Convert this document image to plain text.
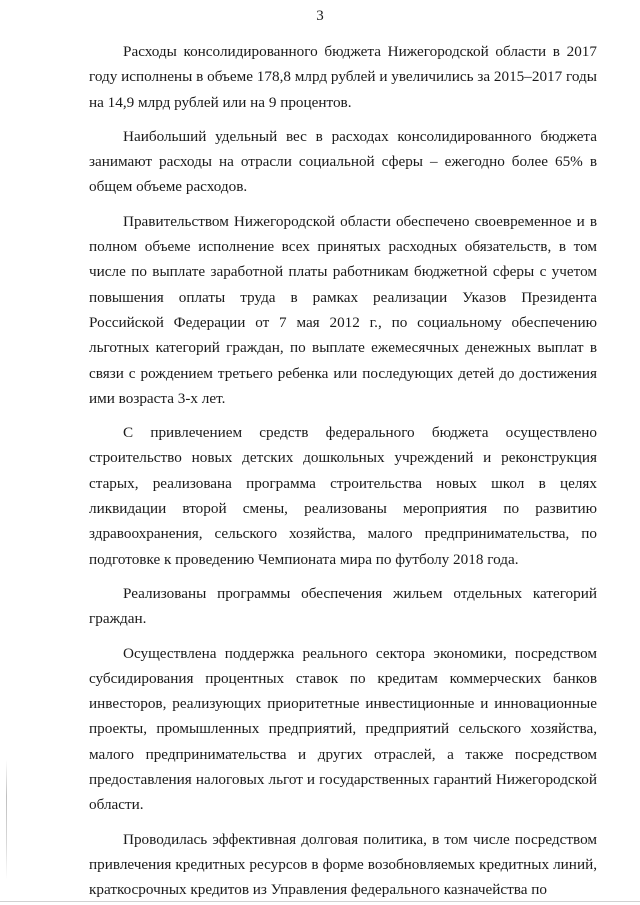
3

Расходы консолидированного бюджета Нижегородской области в 2017 году исполнены в объеме 178,8 млрд рублей и увеличились за 2015–2017 годы на 14,9 млрд рублей или на 9 процентов.

Наибольший удельный вес в расходах консолидированного бюджета занимают расходы на отрасли социальной сферы – ежегодно более 65% в общем объеме расходов.

Правительством Нижегородской области обеспечено своевременное и в полном объеме исполнение всех принятых расходных обязательств, в том числе по выплате заработной платы работникам бюджетной сферы с учетом повышения оплаты труда в рамках реализации Указов Президента Российской Федерации от 7 мая 2012 г., по социальному обеспечению льготных категорий граждан, по выплате ежемесячных денежных выплат в связи с рождением третьего ребенка или последующих детей до достижения ими возраста 3-х лет.

С привлечением средств федерального бюджета осуществлено строительство новых детских дошкольных учреждений и реконструкция старых, реализована программа строительства новых школ в целях ликвидации второй смены, реализованы мероприятия по развитию здравоохранения, сельского хозяйства, малого предпринимательства, по подготовке к проведению Чемпионата мира по футболу 2018 года.

Реализованы программы обеспечения жильем отдельных категорий граждан.

Осуществлена поддержка реального сектора экономики, посредством субсидирования процентных ставок по кредитам коммерческих банков инвесторов, реализующих приоритетные инвестиционные и инновационные проекты, промышленных предприятий, предприятий сельского хозяйства, малого предпринимательства и других отраслей, а также посредством предоставления налоговых льгот и государственных гарантий Нижегородской области.

Проводилась эффективная долговая политика, в том числе посредством привлечения кредитных ресурсов в форме возобновляемых кредитных линий, краткосрочных кредитов из Управления федерального казначейства по
